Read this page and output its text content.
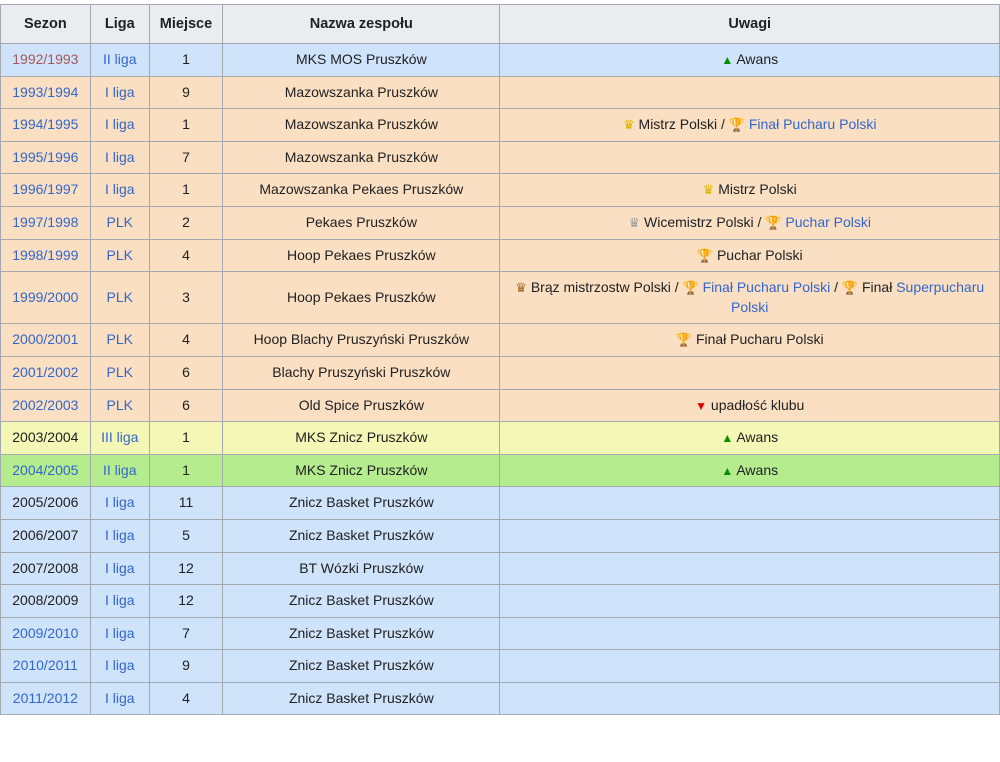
Sezon	Liga	Miejsce	Nazwa zespołu	Uwagi
1992/1993	II liga	1	MKS MOS Pruszków	▲ Awans
1993/1994	I liga	9	Mazowszanka Pruszków	
1994/1995	I liga	1	Mazowszanka Pruszków	♛ Mistrz Polski / 🏆 Finał Pucharu Polski
1995/1996	I liga	7	Mazowszanka Pruszków	
1996/1997	I liga	1	Mazowszanka Pekaes Pruszków	♛ Mistrz Polski
1997/1998	PLK	2	Pekaes Pruszków	♛ Wicemistrz Polski / 🏆 Puchar Polski
1998/1999	PLK	4	Hoop Pekaes Pruszków	🏆 Puchar Polski
1999/2000	PLK	3	Hoop Pekaes Pruszków	♛ Brąz mistrzostw Polski / 🏆 Finał Pucharu Polski / 🏆 Finał Superpucharu Polski
2000/2001	PLK	4	Hoop Blachy Pruszyński Pruszków	🏆 Finał Pucharu Polski
2001/2002	PLK	6	Blachy Pruszyński Pruszków	
2002/2003	PLK	6	Old Spice Pruszków	▼ upadłość klubu
2003/2004	III liga	1	MKS Znicz Pruszków	▲ Awans
2004/2005	II liga	1	MKS Znicz Pruszków	▲ Awans
2005/2006	I liga	11	Znicz Basket Pruszków	
2006/2007	I liga	5	Znicz Basket Pruszków	
2007/2008	I liga	12	BT Wózki Pruszków	
2008/2009	I liga	12	Znicz Basket Pruszków	
2009/2010	I liga	7	Znicz Basket Pruszków	
2010/2011	I liga	9	Znicz Basket Pruszków	
2011/2012	I liga	4	Znicz Basket Pruszków	
